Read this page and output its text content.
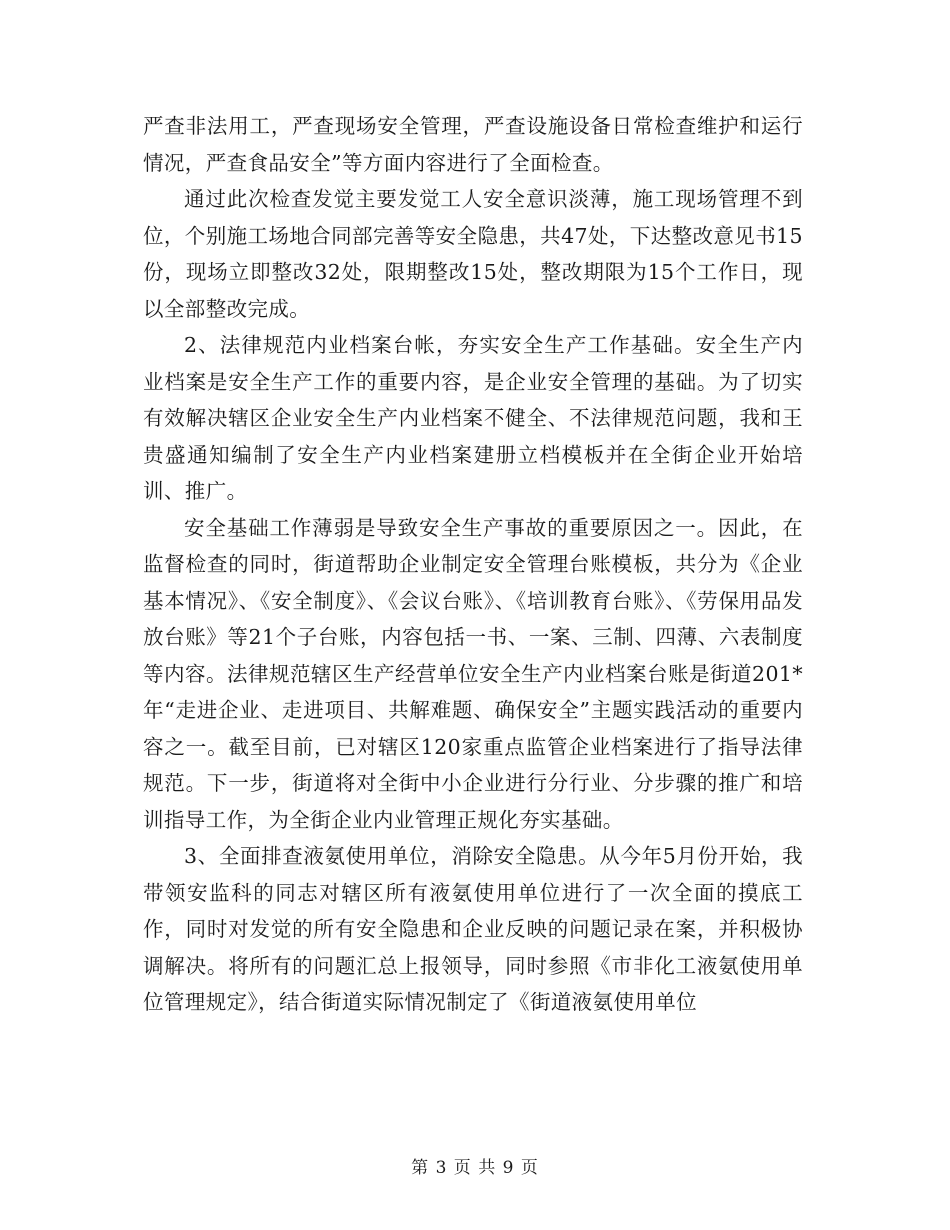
严查非法用工，严查现场安全管理，严查设施设备日常检查维护和运行情况，严查食品安全”等方面内容进行了全面检查。

通过此次检查发觉主要发觉工人安全意识淡薄，施工现场管理不到位，个别施工场地合同部完善等安全隐患，共47处，下达整改意见书15份，现场立即整改32处，限期整改15处，整改期限为15个工作日，现以全部整改完成。

2、法律规范内业档案台帐，夯实安全生产工作基础。安全生产内业档案是安全生产工作的重要内容，是企业安全管理的基础。为了切实有效解决辖区企业安全生产内业档案不健全、不法律规范问题，我和王贵盛通知编制了安全生产内业档案建册立档模板并在全街企业开始培训、推广。

安全基础工作薄弱是导致安全生产事故的重要原因之一。因此，在监督检查的同时，街道帮助企业制定安全管理台账模板，共分为《企业基本情况》、《安全制度》、《会议台账》、《培训教育台账》、《劳保用品发放台账》等21个子台账，内容包括一书、一案、三制、四薄、六表制度等内容。法律规范辖区生产经营单位安全生产内业档案台账是街道201*年“走进企业、走进项目、共解难题、确保安全”主题实践活动的重要内容之一。截至目前，已对辖区120家重点监管企业档案进行了指导法律规范。下一步，街道将对全街中小企业进行分行业、分步骤的推广和培训指导工作，为全街企业内业管理正规化夯实基础。

3、全面排查液氨使用单位，消除安全隐患。从今年5月份开始，我带领安监科的同志对辖区所有液氨使用单位进行了一次全面的摸底工作，同时对发觉的所有安全隐患和企业反映的问题记录在案，并积极协调解决。将所有的问题汇总上报领导，同时参照《市非化工液氨使用单位管理规定》，结合街道实际情况制定了《街道液氨使用单位

第 3 页 共 9 页
